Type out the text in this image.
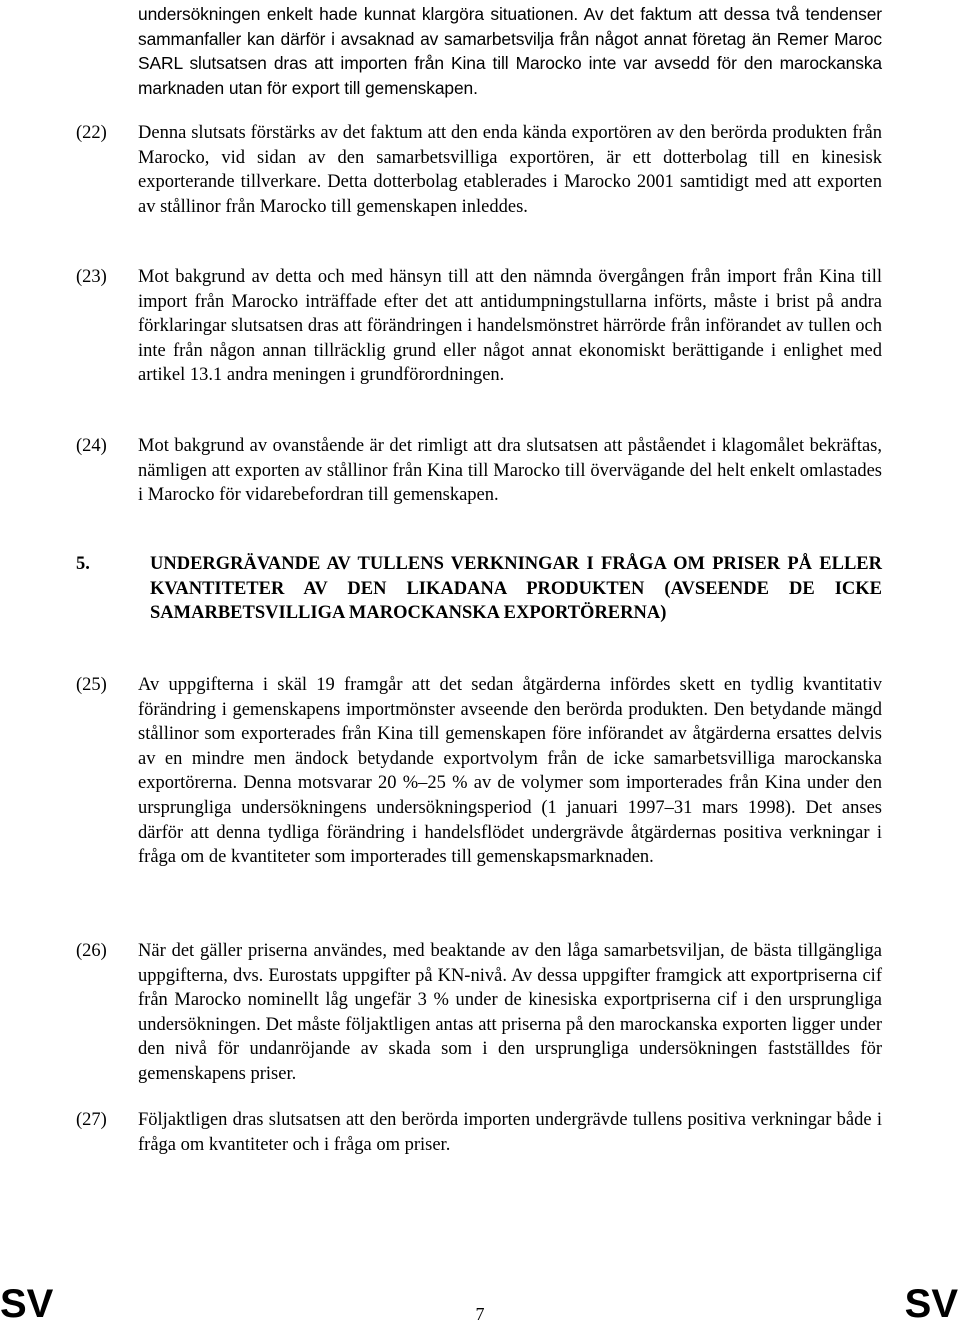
undersökningen enkelt hade kunnat klargöra situationen. Av det faktum att dessa två tendenser sammanfaller kan därför i avsaknad av samarbetsvilja från något annat företag än Remer Maroc SARL slutsatsen dras att importen från Kina till Marocko inte var avsedd för den marockanska marknaden utan för export till gemenskapen.
(22)	Denna slutsats förstärks av det faktum att den enda kända exportören av den berörda produkten från Marocko, vid sidan av den samarbetsvilliga exportören, är ett dotterbolag till en kinesisk exporterande tillverkare. Detta dotterbolag etablerades i Marocko 2001 samtidigt med att exporten av stållinor från Marocko till gemenskapen inleddes.
(23)	Mot bakgrund av detta och med hänsyn till att den nämnda övergången från import från Kina till import från Marocko inträffade efter det att antidumpningstullarna införts, måste i brist på andra förklaringar slutsatsen dras att förändringen i handelsmönstret härrörde från införandet av tullen och inte från någon annan tillräcklig grund eller något annat ekonomiskt berättigande i enlighet med artikel 13.1 andra meningen i grundförordningen.
(24)	Mot bakgrund av ovanstående är det rimligt att dra slutsatsen att påståendet i klagomålet bekräftas, nämligen att exporten av stållinor från Kina till Marocko till övervägande del helt enkelt omlastades i Marocko för vidarebefordran till gemenskapen.
5.	UNDERGRÄVANDE AV TULLENS VERKNINGAR I FRÅGA OM PRISER PÅ ELLER KVANTITETER AV DEN LIKADANA PRODUKTEN (AVSEENDE DE ICKE SAMARBETSVILLIGA MAROCKANSKA EXPORTÖRERNA)
(25)	Av uppgifterna i skäl 19 framgår att det sedan åtgärderna infördes skett en tydlig kvantitativ förändring i gemenskapens importmönster avseende den berörda produkten. Den betydande mängd stållinor som exporterades från Kina till gemenskapen före införandet av åtgärderna ersattes delvis av en mindre men ändock betydande exportvolym från de icke samarbetsvilliga marockanska exportörerna. Denna motsvarar 20 %–25 % av de volymer som importerades från Kina under den ursprungliga undersökningens undersökningsperiod (1 januari 1997–31 mars 1998). Det anses därför att denna tydliga förändring i handelsflödet undergrävde åtgärdernas positiva verkningar i fråga om de kvantiteter som importerades till gemenskapsmarknaden.
(26)	När det gäller priserna användes, med beaktande av den låga samarbetsviljan, de bästa tillgängliga uppgifterna, dvs. Eurostats uppgifter på KN-nivå. Av dessa uppgifter framgick att exportpriserna cif från Marocko nominellt låg ungefär 3 % under de kinesiska exportpriserna cif i den ursprungliga undersökningen. Det måste följaktligen antas att priserna på den marockanska exporten ligger under den nivå för undanröjande av skada som i den ursprungliga undersökningen fastställdes för gemenskapens priser.
(27)	Följaktligen dras slutsatsen att den berörda importen undergrävde tullens positiva verkningar både i fråga om kvantiteter och i fråga om priser.
SV	7	SV
